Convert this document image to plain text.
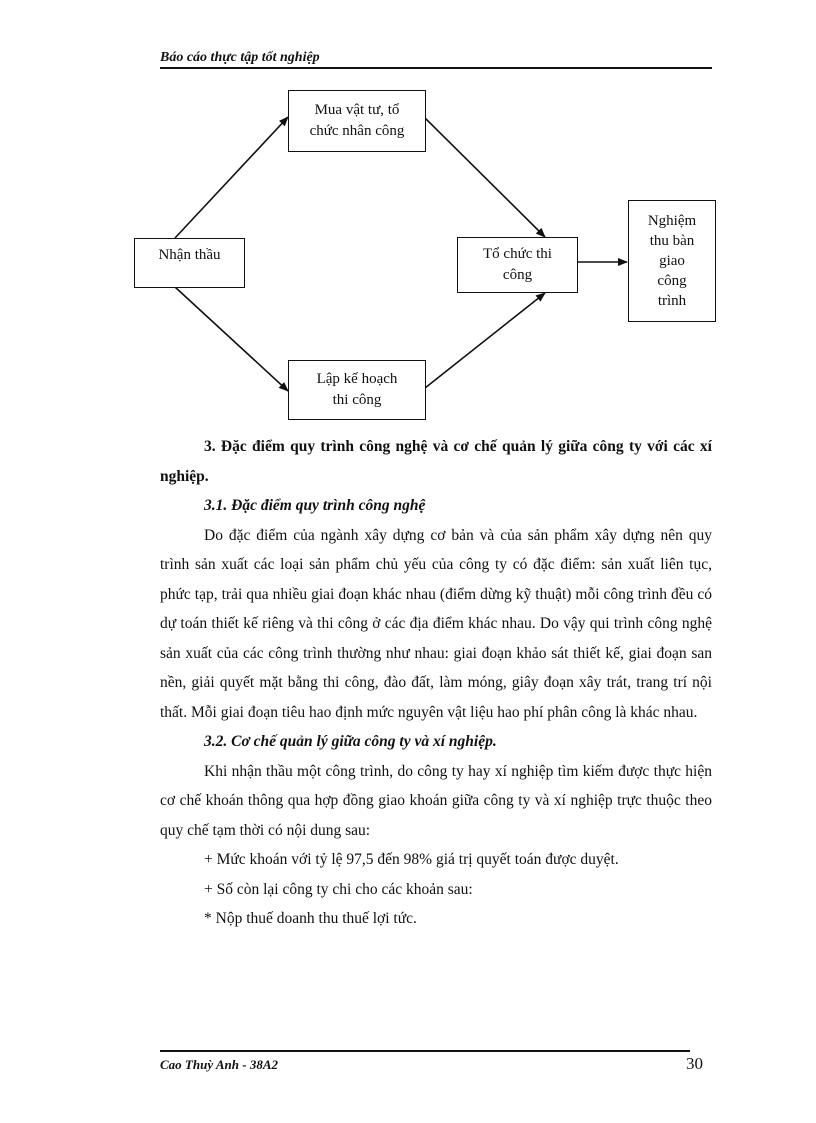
Báo cáo thực tập tốt nghiệp
Nhận thầu
Mua vật tư, tổ
chức nhân công
Lập kế hoạch
thi công
Tổ chức thi
công
Nghiệm
thu bàn
giao
công
trình

3. Đặc điểm quy trình công nghệ và cơ chế quản lý giữa công ty với các xí nghiệp.

3.1. Đặc điểm quy trình công nghệ

Do đặc điểm của ngành xây dựng cơ bản và của sản phẩm xây dựng nên quy trình sản xuất các loại sản phẩm chủ yếu của công ty có đặc điểm: sản xuất liên tục, phức tạp, trải qua nhiều giai đoạn khác nhau (điểm dừng kỹ thuật) mỗi công trình đều có dự toán thiết kế riêng và thi công ở các địa điểm khác nhau. Do vậy qui trình công nghệ sản xuất của các công trình thường như nhau: giai đoạn khảo sát thiết kế, giai đoạn san nền, giải quyết mặt bằng thi công, đào đất, làm móng, giây đoạn xây trát, trang trí nội thất. Mỗi giai đoạn tiêu hao định mức nguyên vật liệu hao phí phân công là khác nhau.

3.2. Cơ chế quản lý giữa công ty và xí nghiệp.

Khi nhận thầu một công trình, do công ty hay xí nghiệp tìm kiếm được thực hiện cơ chế khoán thông qua hợp đồng giao khoán giữa công ty và xí nghiệp trực thuộc theo quy chế tạm thời có nội dung sau:

+ Mức khoán với tỷ lệ 97,5 đến 98% giá trị quyết toán được duyệt.

+ Số còn lại công ty chi cho các khoản sau:

* Nộp thuế doanh thu thuế lợi tức.

Cao Thuỳ Anh - 38A2	30
